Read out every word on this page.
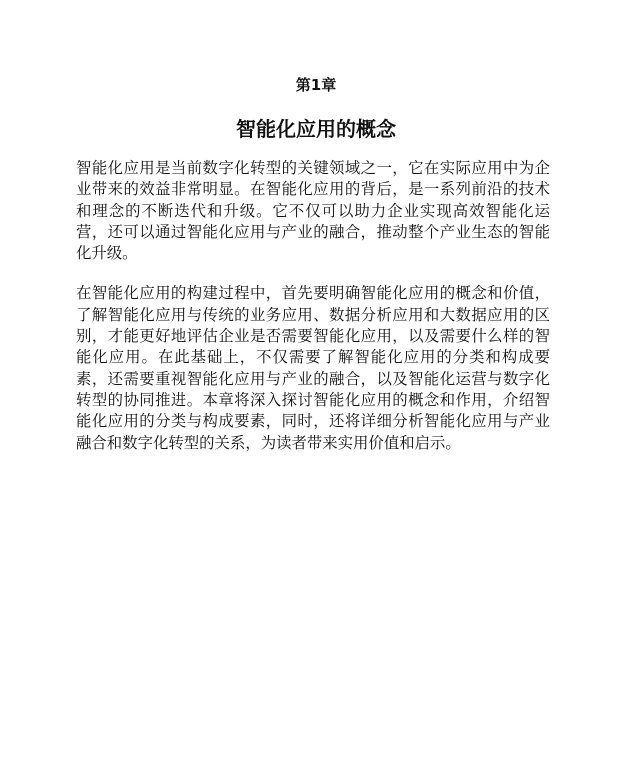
第1章
智能化应用的概念

智能化应用是当前数字化转型的关键领域之一，它在实际应用中为企业带来的效益非常明显。在智能化应用的背后，是一系列前沿的技术和理念的不断迭代和升级。它不仅可以助力企业实现高效智能化运营，还可以通过智能化应用与产业的融合，推动整个产业生态的智能化升级。

在智能化应用的构建过程中，首先要明确智能化应用的概念和价值，了解智能化应用与传统的业务应用、数据分析应用和大数据应用的区别，才能更好地评估企业是否需要智能化应用，以及需要什么样的智能化应用。在此基础上，不仅需要了解智能化应用的分类和构成要素，还需要重视智能化应用与产业的融合，以及智能化运营与数字化转型的协同推进。本章将深入探讨智能化应用的概念和作用，介绍智能化应用的分类与构成要素，同时，还将详细分析智能化应用与产业融合和数字化转型的关系，为读者带来实用价值和启示。
